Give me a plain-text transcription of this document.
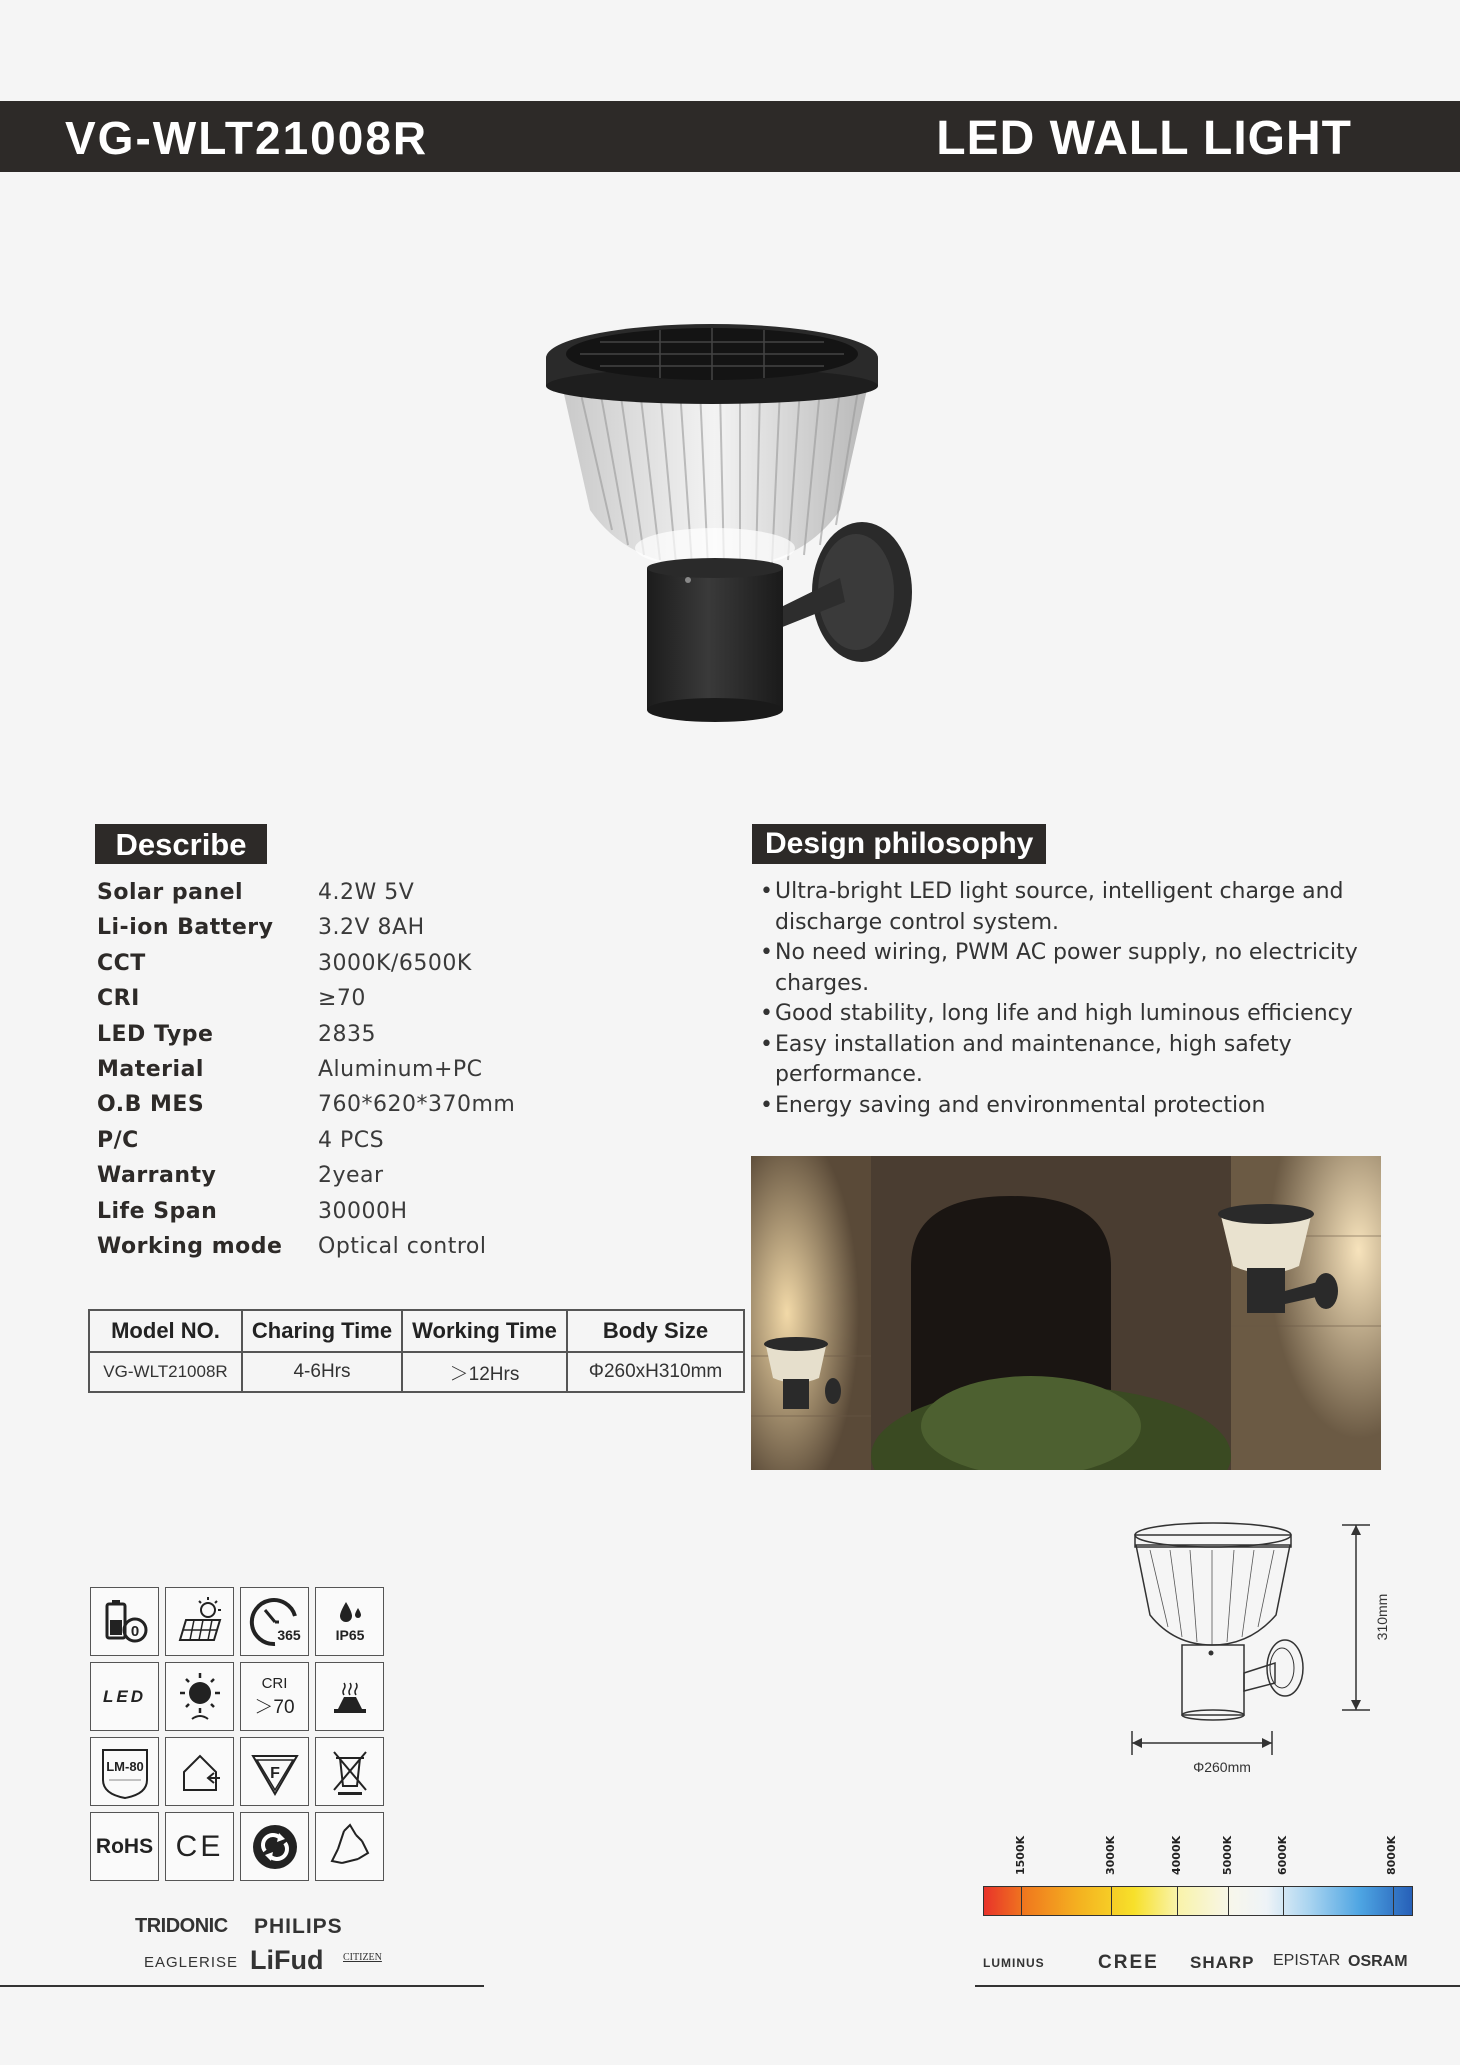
VG-WLT21008R	LED WALL LIGHT
Describe
Solar panel	4.2W 5V
Li-ion Battery 3.2V 8AH
CCT	3000K/6500K
CRI	≥70
LED Type	2835
Material	Aluminum+PC
O.B MES	760*620*370mm
P/C	4 PCS
Warranty	2year
Life Span	30000H
Working mode Optical control
Design philosophy
• Ultra-bright LED light source, intelligent charge and discharge control system.
• No need wiring, PWM AC power supply, no electricity charges.
• Good stability, long life and high luminous efficiency
• Easy installation and maintenance, high safety performance.
• Energy saving and environmental protection
Model NO.	Charing Time	Working Time	Body Size
VG-WLT21008R	4-6Hrs	＞12Hrs	Φ260xH310mm
310mm
Φ260mm
0	365 IP65
LED
CRI
＞70
LM-80	F
RoHS CE
TRIDONIC PHILIPS
EAGLERISE LiFud CITIZEN
1500K	3000K	4000K	5000K	6000K	8000K
LUMINUS	CREE SHARP EPISTAR OSRAM
